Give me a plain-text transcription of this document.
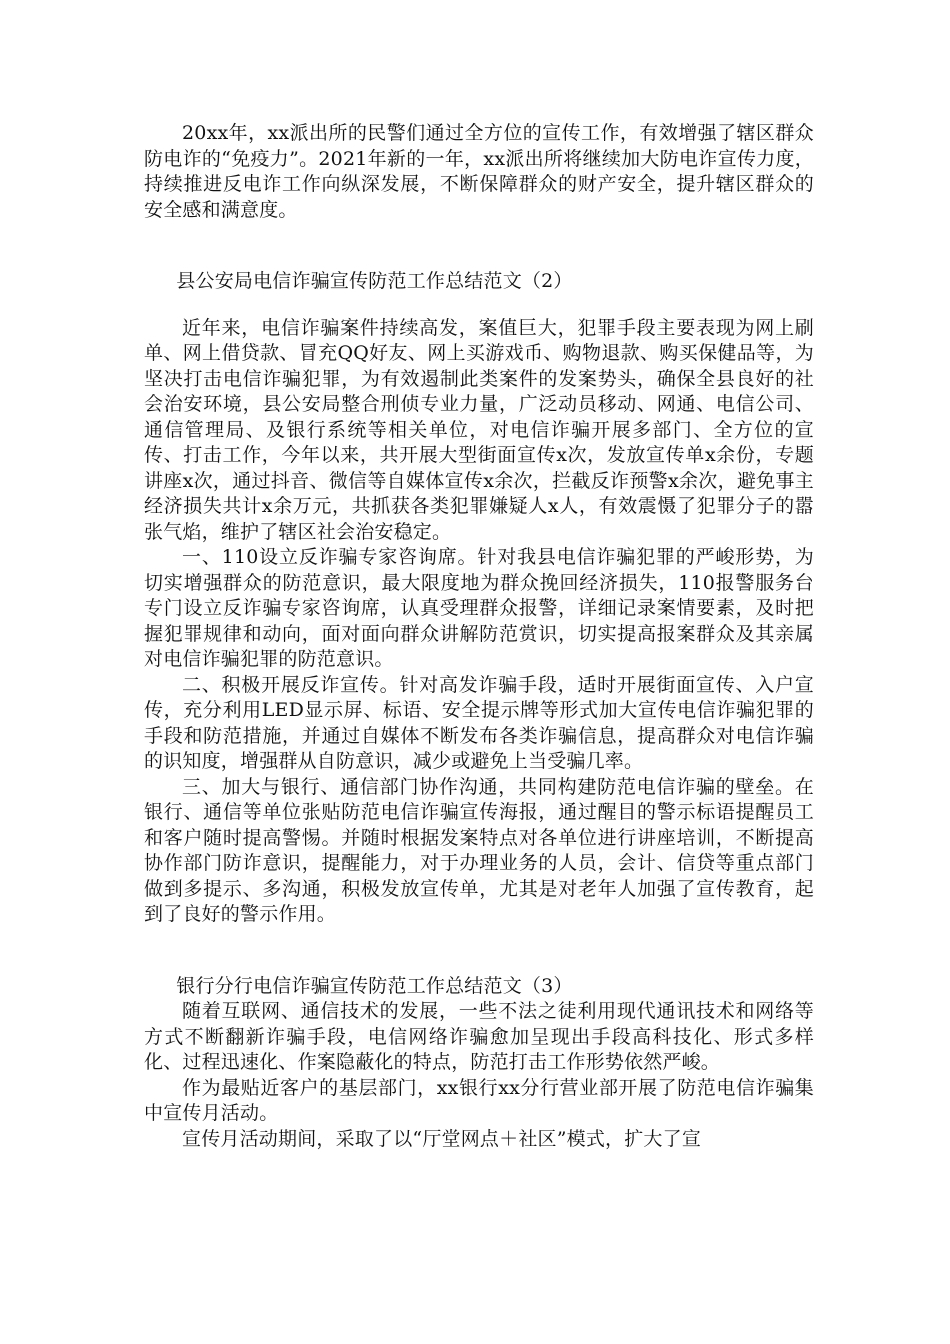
20xx年，xx派出所的民警们通过全方位的宣传工作，有效增强了辖区群众防电诈的“免疫力”。2021年新的一年，xx派出所将继续加大防电诈宣传力度，持续推进反电诈工作向纵深发展，不断保障群众的财产安全，提升辖区群众的安全感和满意度。

县公安局电信诈骗宣传防范工作总结范文（2）

近年来，电信诈骗案件持续高发，案值巨大，犯罪手段主要表现为网上刷单、网上借贷款、冒充QQ好友、网上买游戏币、购物退款、购买保健品等，为坚决打击电信诈骗犯罪，为有效遏制此类案件的发案势头，确保全县良好的社会治安环境，县公安局整合刑侦专业力量，广泛动员移动、网通、电信公司、通信管理局、及银行系统等相关单位，对电信诈骗开展多部门、全方位的宣传、打击工作，今年以来，共开展大型街面宣传x次，发放宣传单x余份，专题讲座x次，通过抖音、微信等自媒体宣传x余次，拦截反诈预警x余次，避免事主经济损失共计x余万元，共抓获各类犯罪嫌疑人x人，有效震慑了犯罪分子的嚣张气焰，维护了辖区社会治安稳定。

一、110设立反诈骗专家咨询席。针对我县电信诈骗犯罪的严峻形势，为切实增强群众的防范意识，最大限度地为群众挽回经济损失，110报警服务台专门设立反诈骗专家咨询席，认真受理群众报警，详细记录案情要素，及时把握犯罪规律和动向，面对面向群众讲解防范赏识，切实提高报案群众及其亲属对电信诈骗犯罪的防范意识。

二、积极开展反诈宣传。针对高发诈骗手段，适时开展街面宣传、入户宣传，充分利用LED显示屏、标语、安全提示牌等形式加大宣传电信诈骗犯罪的手段和防范措施，并通过自媒体不断发布各类诈骗信息，提高群众对电信诈骗的识知度，增强群从自防意识，减少或避免上当受骗几率。

三、加大与银行、通信部门协作沟通，共同构建防范电信诈骗的壁垒。在银行、通信等单位张贴防范电信诈骗宣传海报，通过醒目的警示标语提醒员工和客户随时提高警惕。并随时根据发案特点对各单位进行讲座培训，不断提高协作部门防诈意识，提醒能力，对于办理业务的人员，会计、信贷等重点部门做到多提示、多沟通，积极发放宣传单，尤其是对老年人加强了宣传教育，起到了良好的警示作用。

银行分行电信诈骗宣传防范工作总结范文（3）

随着互联网、通信技术的发展，一些不法之徒利用现代通讯技术和网络等方式不断翻新诈骗手段，电信网络诈骗愈加呈现出手段高科技化、形式多样化、过程迅速化、作案隐蔽化的特点，防范打击工作形势依然严峻。

作为最贴近客户的基层部门，xx银行xx分行营业部开展了防范电信诈骗集中宣传月活动。

宣传月活动期间，采取了以“厅堂网点＋社区”模式，扩大了宣
